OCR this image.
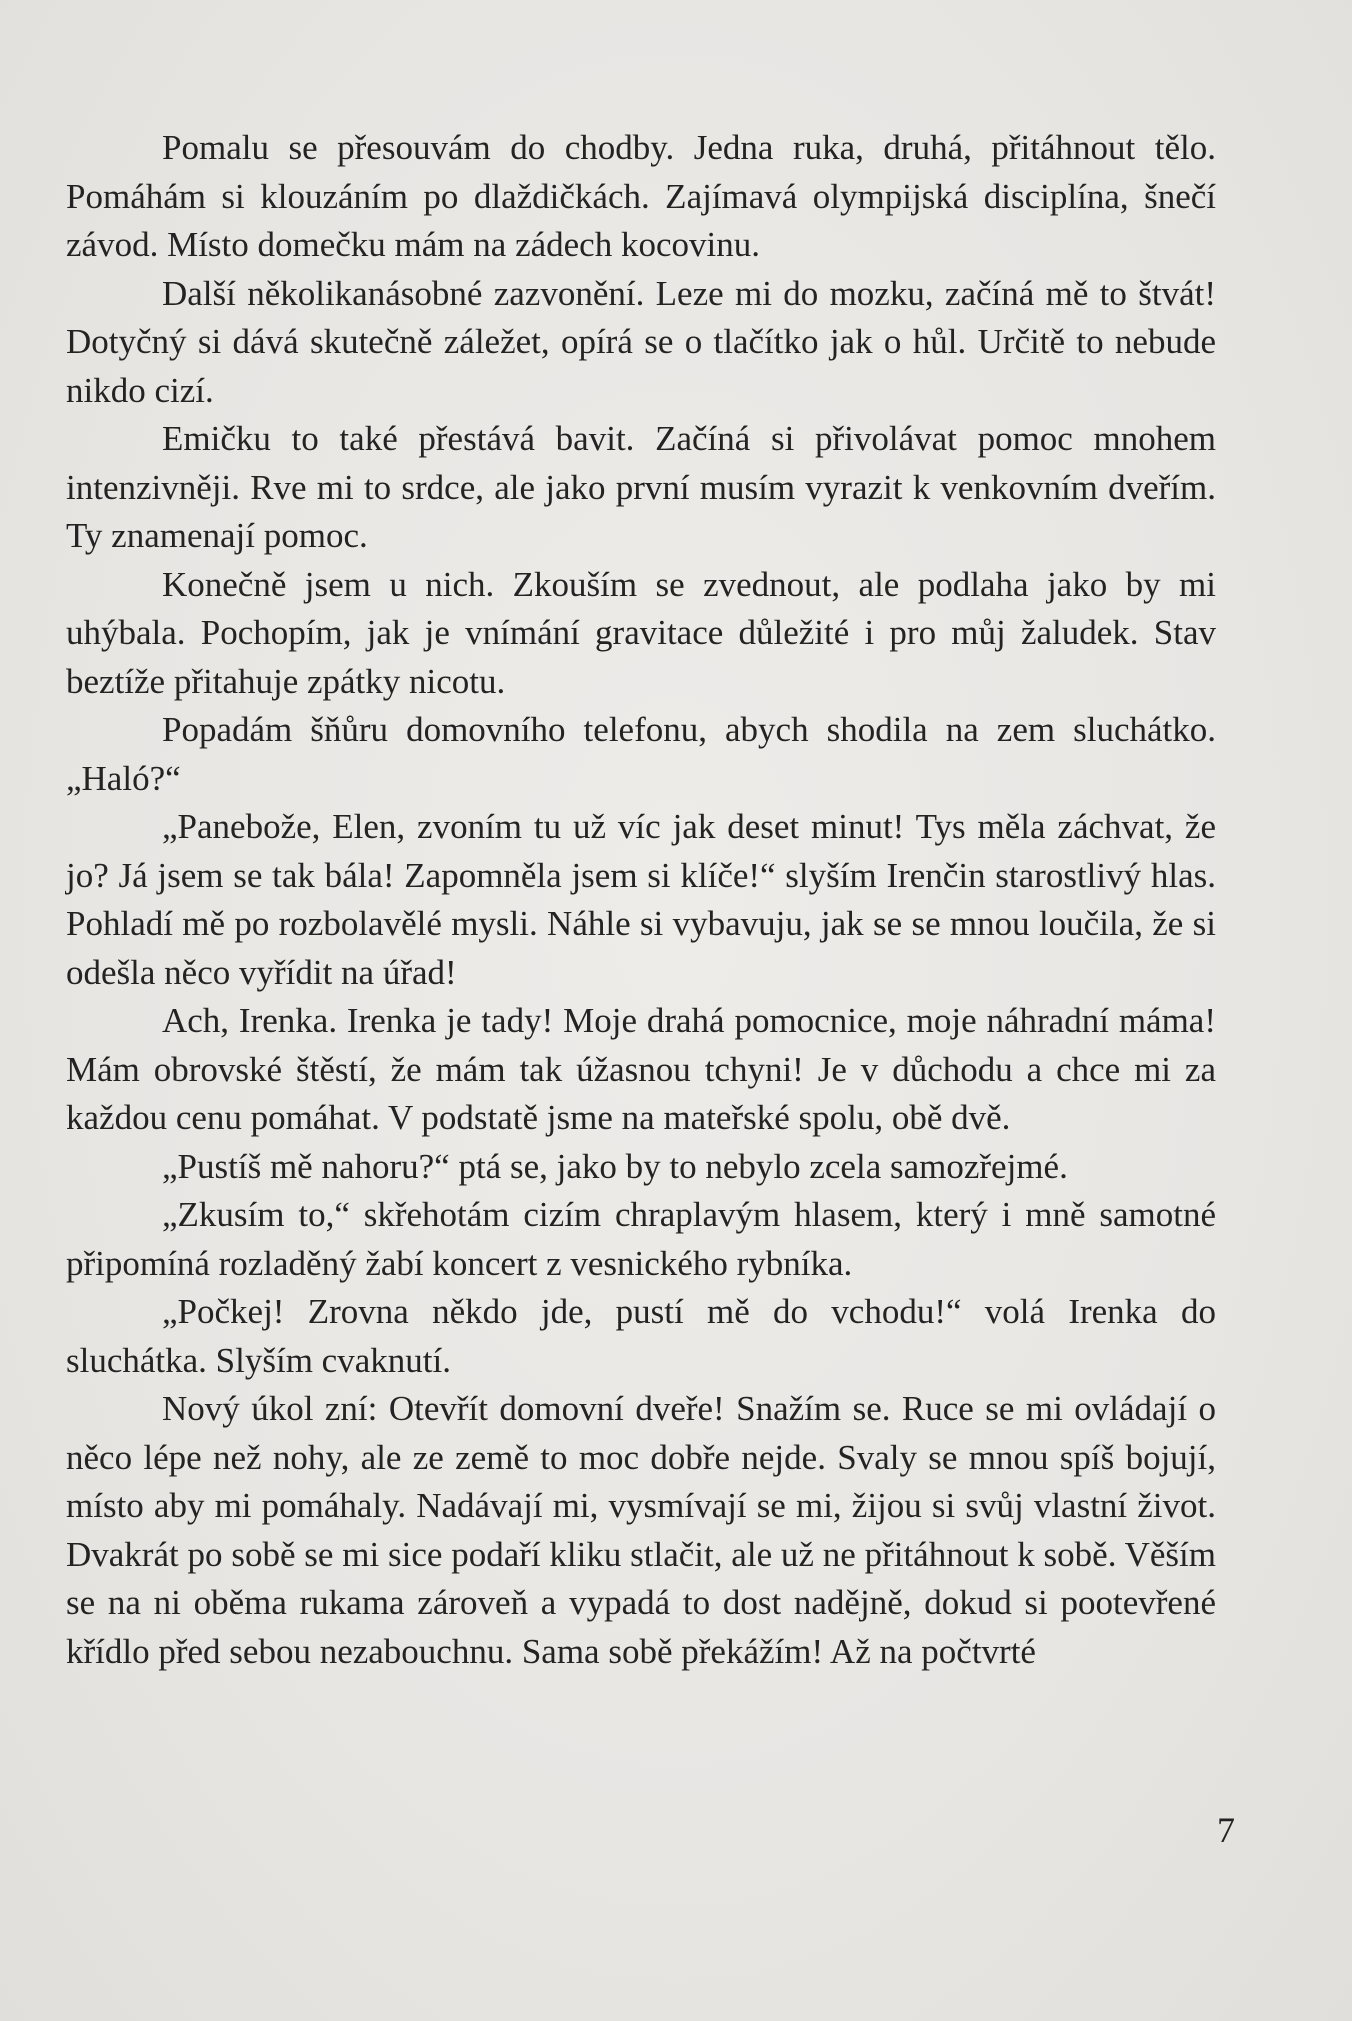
Pomalu se přesouvám do chodby. Jedna ruka, druhá, přitáhnout tělo. Pomáhám si klouzáním po dlaždičkách. Zajímavá olympijská disciplína, šnečí závod. Místo domečku mám na zádech kocovinu.

Další několikanásobné zazvonění. Leze mi do mozku, začíná mě to štvát! Dotyčný si dává skutečně záležet, opírá se o tlačítko jak o hůl. Určitě to nebude nikdo cizí.

Emičku to také přestává bavit. Začíná si přivolávat pomoc mnohem intenzivněji. Rve mi to srdce, ale jako první musím vyrazit k venkovním dveřím. Ty znamenají pomoc.

Konečně jsem u nich. Zkouším se zvednout, ale podlaha jako by mi uhýbala. Pochopím, jak je vnímání gravitace důležité i pro můj žaludek. Stav beztíže přitahuje zpátky nicotu.

Popadám šňůru domovního telefonu, abych shodila na zem sluchátko. „Haló?“

„Panebože, Elen, zvoním tu už víc jak deset minut! Tys měla záchvat, že jo? Já jsem se tak bála! Zapomněla jsem si klíče!“ slyším Irenčin starostlivý hlas. Pohladí mě po rozbolavělé mysli. Náhle si vybavuju, jak se se mnou loučila, že si odešla něco vyřídit na úřad!

Ach, Irenka. Irenka je tady! Moje drahá pomocnice, moje náhradní máma! Mám obrovské štěstí, že mám tak úžasnou tchyni! Je v důchodu a chce mi za každou cenu pomáhat. V podstatě jsme na mateřské spolu, obě dvě.

„Pustíš mě nahoru?“ ptá se, jako by to nebylo zcela samozřejmé.

„Zkusím to,“ skřehotám cizím chraplavým hlasem, který i mně samotné připomíná rozladěný žabí koncert z vesnického rybníka.

„Počkej! Zrovna někdo jde, pustí mě do vchodu!“ volá Irenka do sluchátka. Slyším cvaknutí.

Nový úkol zní: Otevřít domovní dveře! Snažím se. Ruce se mi ovládají o něco lépe než nohy, ale ze země to moc dobře nejde. Svaly se mnou spíš bojují, místo aby mi pomáhaly. Nadávají mi, vysmívají se mi, žijou si svůj vlastní život. Dvakrát po sobě se mi sice podaří kliku stlačit, ale už ne přitáhnout k sobě. Věším se na ni oběma rukama zároveň a vypadá to dost nadějně, dokud si pootevřené křídlo před sebou nezabouchnu. Sama sobě překážím! Až na počtvrté

7
